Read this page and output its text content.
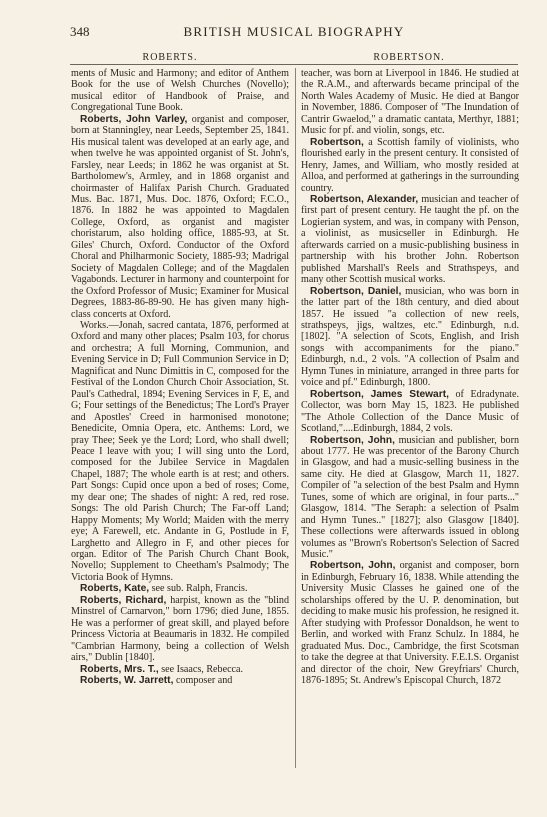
348	BRITISH MUSICAL BIOGRAPHY
ROBERTS.	ROBERTSON.

ments of Music and Harmony; and editor of Anthem Book for the use of Welsh Churches (Novello); musical editor of Handbook of Praise, and Congregational Tune Book.

Roberts, John Varley, organist and composer, born at Stanningley, near Leeds, September 25, 1841. His musical talent was developed at an early age, and when twelve he was appointed organist of St. John's, Farsley, near Leeds; in 1862 he was organist at St. Bartholomew's, Armley, and in 1868 organist and choirmaster of Halifax Parish Church. Graduated Mus. Bac. 1871, Mus. Doc. 1876, Oxford; F.C.O., 1876. In 1882 he was appointed to Magdalen College, Oxford, as organist and magister choristarum, also holding office, 1885-93, at St. Giles' Church, Oxford. Conductor of the Oxford Choral and Philharmonic Society, 1885-93; Madrigal Society of Magdalen College; and of the Magdalen Vagabonds. Lecturer in harmony and counterpoint for the Oxford Professor of Music; Examiner for Musical Degrees, 1883-86-89-90. He has given many high-class concerts at Oxford.

Works.—Jonah, sacred cantata, 1876, performed at Oxford and many other places; Psalm 103, for chorus and orchestra; A full Morning, Communion, and Evening Service in D; Full Communion Service in D; Magnificat and Nunc Dimittis in C, composed for the Festival of the London Church Choir Association, St. Paul's Cathedral, 1894; Evening Services in F, E, and G; Four settings of the Benedictus; The Lord's Prayer and Apostles' Creed in harmonised monotone; Benedicite, Omnia Opera, etc. Anthems: Lord, we pray Thee; Seek ye the Lord; Lord, who shall dwell; Peace I leave with you; I will sing unto the Lord, composed for the Jubilee Service in Magdalen Chapel, 1887; The whole earth is at rest; and others. Part Songs: Cupid once upon a bed of roses; Come, my dear one; The shades of night: A red, red rose. Songs: The old Parish Church; The Far-off Land; Happy Moments; My World; Maiden with the merry eye; A Farewell, etc. Andante in G, Postlude in F, Larghetto and Allegro in F, and other pieces for organ. Editor of The Parish Church Chant Book, Novello; Supplement to Cheetham's Psalmody; The Victoria Book of Hymns.

Roberts, Kate, see sub. Ralph, Francis.

Roberts, Richard, harpist, known as the "blind Minstrel of Carnarvon," born 1796; died June, 1855. He was a performer of great skill, and played before Princess Victoria at Beaumaris in 1832. He compiled "Cambrian Harmony, being a collection of Welsh airs," Dublin [1840].

Roberts, Mrs. T., see Isaacs, Rebecca.

Roberts, W. Jarrett, composer and

teacher, was born at Liverpool in 1846. He studied at the R.A.M., and afterwards became principal of the North Wales Academy of Music. He died at Bangor in November, 1886. Composer of "The Inundation of Cantrir Gwaelod," a dramatic cantata, Merthyr, 1881; Music for pf. and violin, songs, etc.

Robertson, a Scottish family of violinists, who flourished early in the present century. It consisted of Henry, James, and William, who mostly resided at Alloa, and performed at gatherings in the surrounding country.

Robertson, Alexander, musician and teacher of first part of present century. He taught the pf. on the Logierian system, and was, in company with Penson, a violinist, as musicseller in Edinburgh. He afterwards carried on a music-publishing business in partnership with his brother John. Robertson published Marshall's Reels and Strathspeys, and many other Scottish musical works.

Robertson, Daniel, musician, who was born in the latter part of the 18th century, and died about 1857. He issued "a collection of new reels, strathspeys, jigs, waltzes, etc." Edinburgh, n.d. [1802]. "A selection of Scots, English, and Irish songs with accompaniments for the piano." Edinburgh, n.d., 2 vols. "A collection of Psalm and Hymn Tunes in miniature, arranged in three parts for voice and pf." Edinburgh, 1800.

Robertson, James Stewart, of Edradynate. Collector, was born May 15, 1823. He published "The Athole Collection of the Dance Music of Scotland,"....Edinburgh, 1884, 2 vols.

Robertson, John, musician and publisher, born about 1777. He was precentor of the Barony Church in Glasgow, and had a music-selling business in the same city. He died at Glasgow, March 11, 1827. Compiler of "a selection of the best Psalm and Hymn Tunes, some of which are original, in four parts..." Glasgow, 1814. "The Seraph: a selection of Psalm and Hymn Tunes.." [1827]; also Glasgow [1840]. These collections were afterwards issued in oblong volumes as "Brown's Robertson's Selection of Sacred Music."

Robertson, John, organist and composer, born in Edinburgh, February 16, 1838. While attending the University Music Classes he gained one of the scholarships offered by the U. P. denomination, but deciding to make music his profession, he resigned it. After studying with Professor Donaldson, he went to Berlin, and worked with Franz Schulz. In 1884, he graduated Mus. Doc., Cambridge, the first Scotsman to take the degree at that University. F.E.I.S. Organist and director of the choir, New Greyfriars' Church, 1876-1895; St. Andrew's Episcopal Church, 1872
